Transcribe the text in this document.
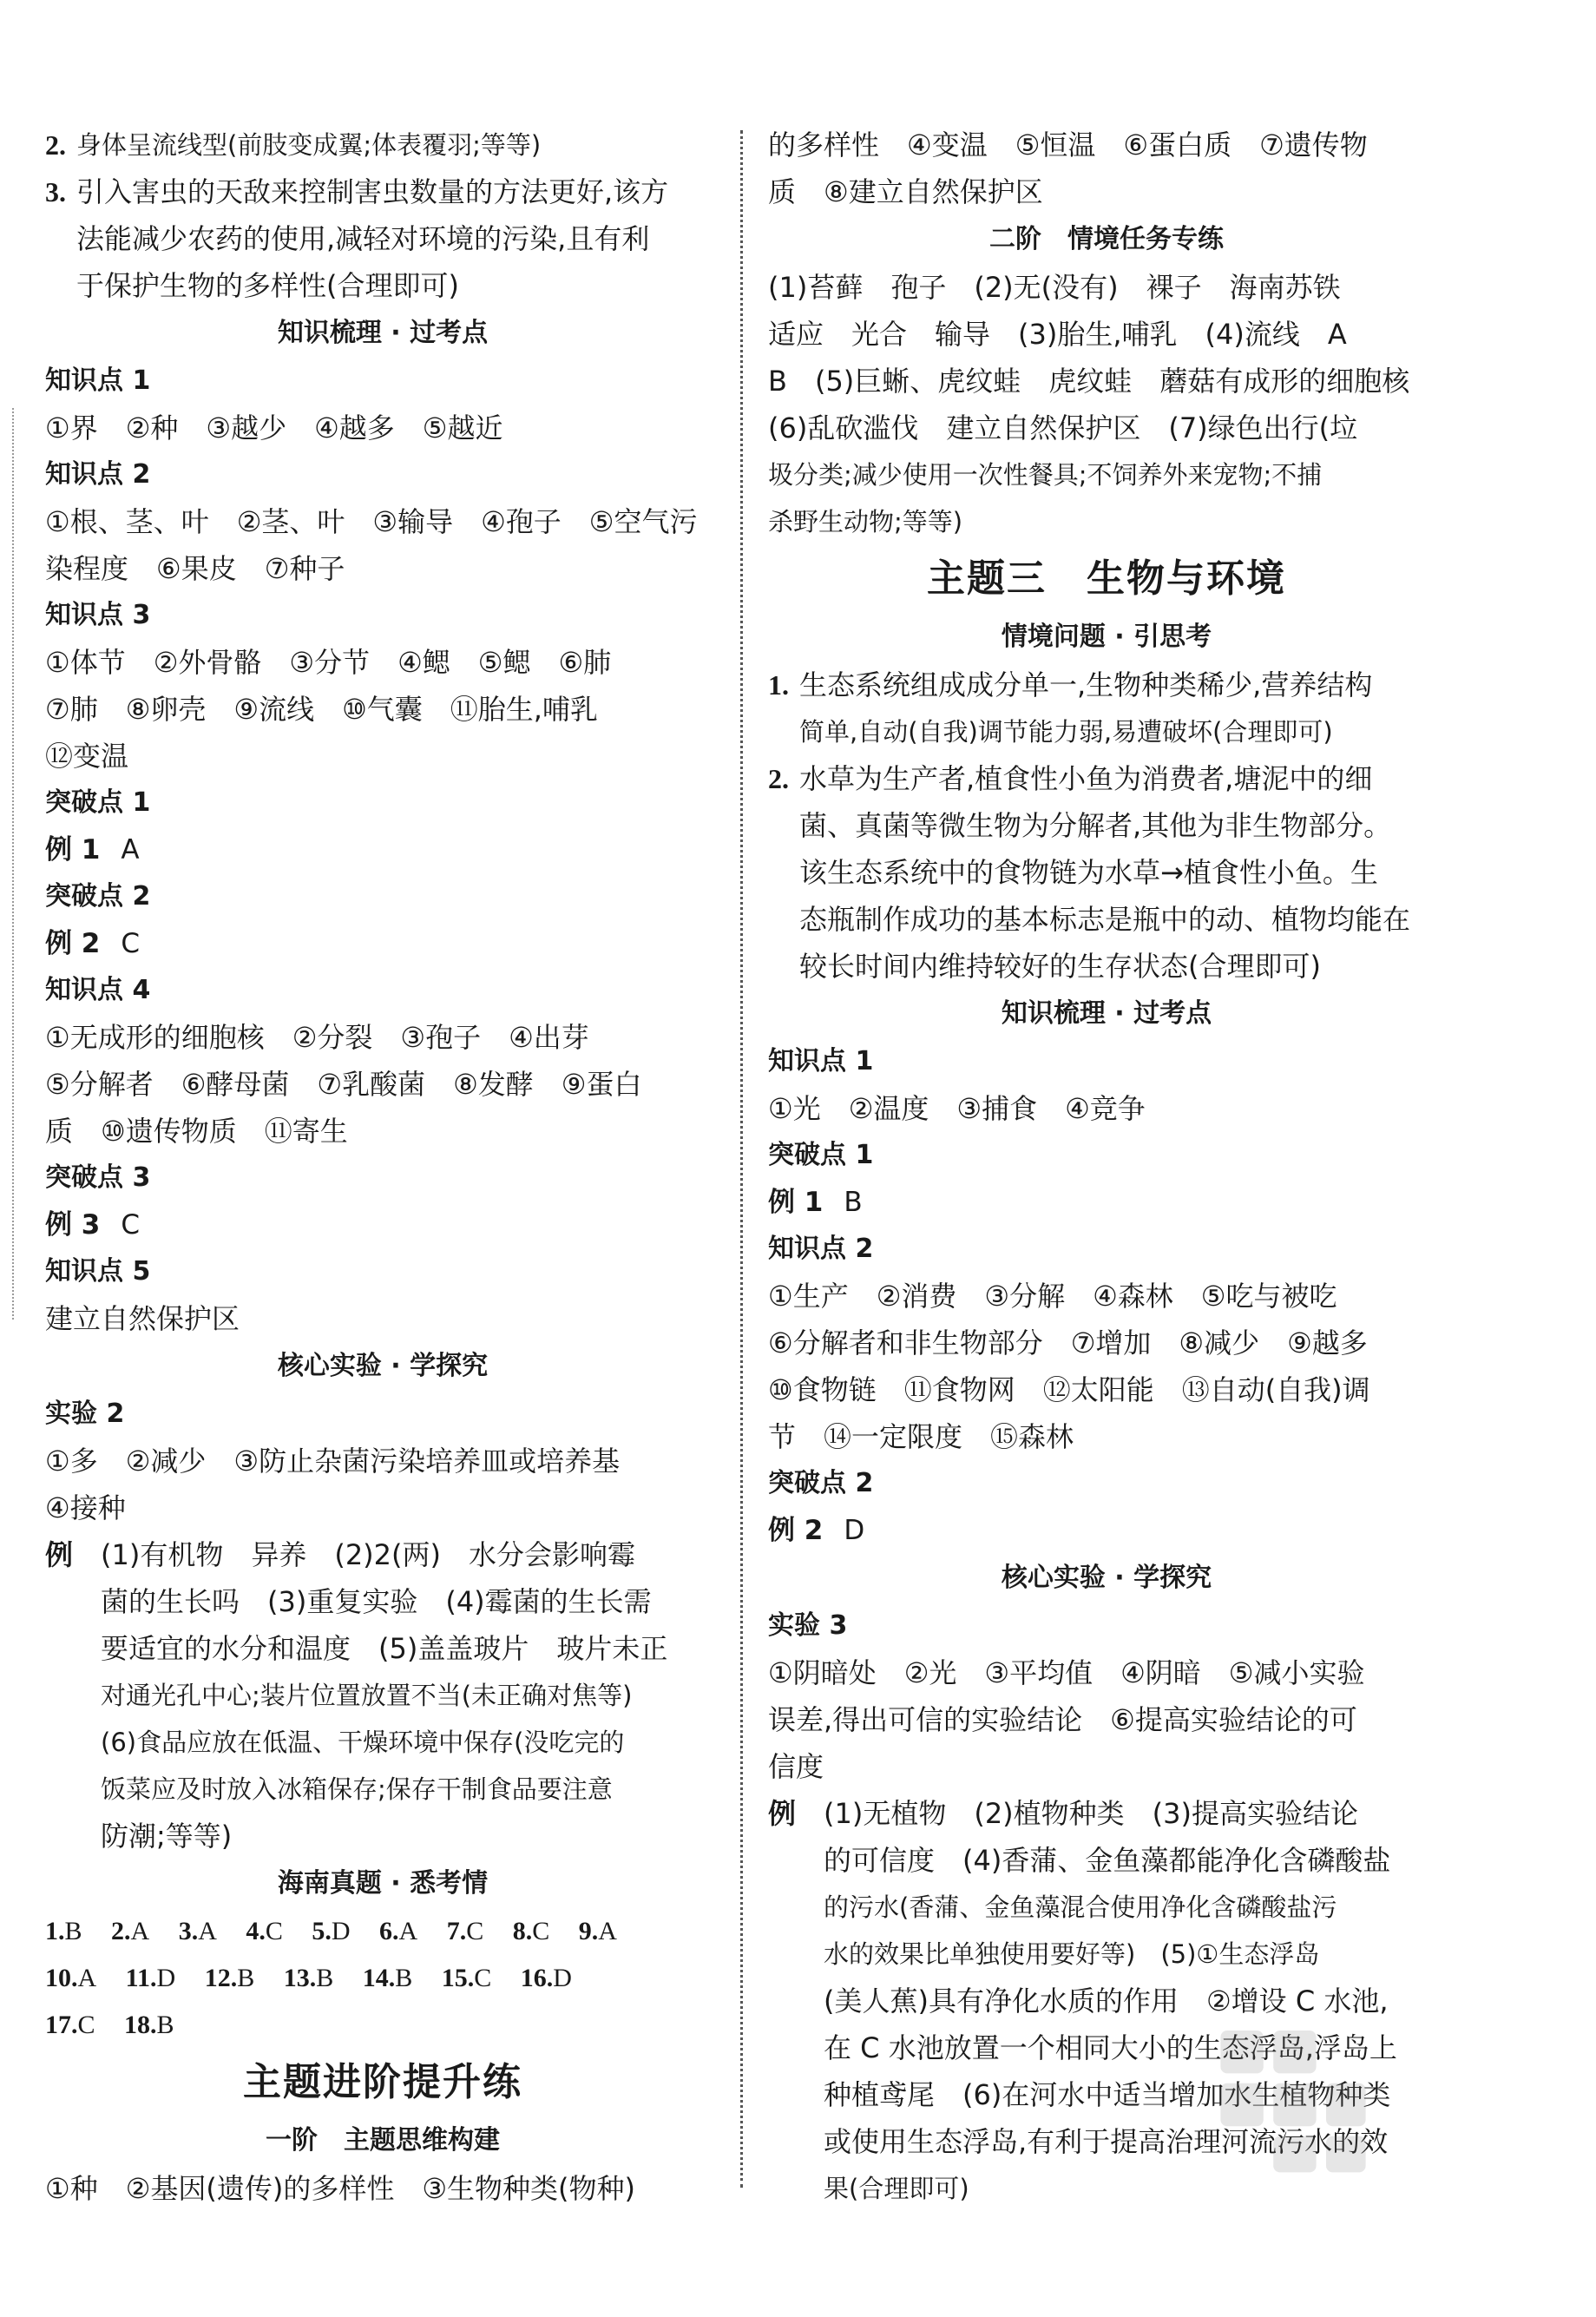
2. 身体呈流线型(前肢变成翼;体表覆羽;等等)
3. 引入害虫的天敌来控制害虫数量的方法更好,该方
法能减少农药的使用,减轻对环境的污染,且有利
于保护生物的多样性(合理即可)
知识梳理 · 过考点
知识点 1
①界　②种　③越少　④越多　⑤越近
知识点 2
①根、茎、叶　②茎、叶　③输导　④孢子　⑤空气污
染程度　⑥果皮　⑦种子
知识点 3
①体节　②外骨骼　③分节　④鳃　⑤鳃　⑥肺
⑦肺　⑧卵壳　⑨流线　⑩气囊　⑪胎生,哺乳
⑫变温
突破点 1
例 1 A
突破点 2
例 2 C
知识点 4
①无成形的细胞核　②分裂　③孢子　④出芽
⑤分解者　⑥酵母菌　⑦乳酸菌　⑧发酵　⑨蛋白
质　⑩遗传物质　⑪寄生
突破点 3
例 3 C
知识点 5
建立自然保护区
核心实验 · 学探究
实验 2
①多　②减少　③防止杂菌污染培养皿或培养基
④接种
例 (1)有机物　异养　(2)2(两)　水分会影响霉
菌的生长吗　(3)重复实验　(4)霉菌的生长需
要适宜的水分和温度　(5)盖盖玻片　玻片未正
对通光孔中心;装片位置放置不当(未正确对焦等)
(6)食品应放在低温、干燥环境中保存(没吃完的
饭菜应及时放入冰箱保存;保存干制食品要注意
防潮;等等)
海南真题 · 悉考情
1.B 2.A 3.A 4.C 5.D 6.A 7.C 8.C 9.A
10.A 11.D 12.B 13.B 14.B 15.C 16.D
17.C 18.B
主题进阶提升练
一阶　主题思维构建
①种　②基因(遗传)的多样性　③生物种类(物种)
的多样性　④变温　⑤恒温　⑥蛋白质　⑦遗传物
质　⑧建立自然保护区
二阶　情境任务专练
(1)苔藓　孢子　(2)无(没有)　裸子　海南苏铁
适应　光合　输导　(3)胎生,哺乳　(4)流线　A
B　(5)巨蜥、虎纹蛙　虎纹蛙　蘑菇有成形的细胞核
(6)乱砍滥伐　建立自然保护区　(7)绿色出行(垃
圾分类;减少使用一次性餐具;不饲养外来宠物;不捕
杀野生动物;等等)
主题三　生物与环境
情境问题 · 引思考
1. 生态系统组成成分单一,生物种类稀少,营养结构
简单,自动(自我)调节能力弱,易遭破坏(合理即可)
2. 水草为生产者,植食性小鱼为消费者,塘泥中的细
菌、真菌等微生物为分解者,其他为非生物部分。
该生态系统中的食物链为水草→植食性小鱼。生
态瓶制作成功的基本标志是瓶中的动、植物均能在
较长时间内维持较好的生存状态(合理即可)
知识梳理 · 过考点
知识点 1
①光　②温度　③捕食　④竞争
突破点 1
例 1 B
知识点 2
①生产　②消费　③分解　④森林　⑤吃与被吃
⑥分解者和非生物部分　⑦增加　⑧减少　⑨越多
⑩食物链　⑪食物网　⑫太阳能　⑬自动(自我)调
节　⑭一定限度　⑮森林
突破点 2
例 2 D
核心实验 · 学探究
实验 3
①阴暗处　②光　③平均值　④阴暗　⑤减小实验
误差,得出可信的实验结论　⑥提高实验结论的可
信度
例 (1)无植物　(2)植物种类　(3)提高实验结论
的可信度　(4)香蒲、金鱼藻都能净化含磷酸盐
的污水(香蒲、金鱼藻混合使用净化含磷酸盐污
水的效果比单独使用要好等)　(5)①生态浮岛
(美人蕉)具有净化水质的作用　②增设 C 水池,
在 C 水池放置一个相同大小的生态浮岛,浮岛上
种植鸢尾　(6)在河水中适当增加水生植物种类
或使用生态浮岛,有利于提高治理河流污水的效
果(合理即可)
